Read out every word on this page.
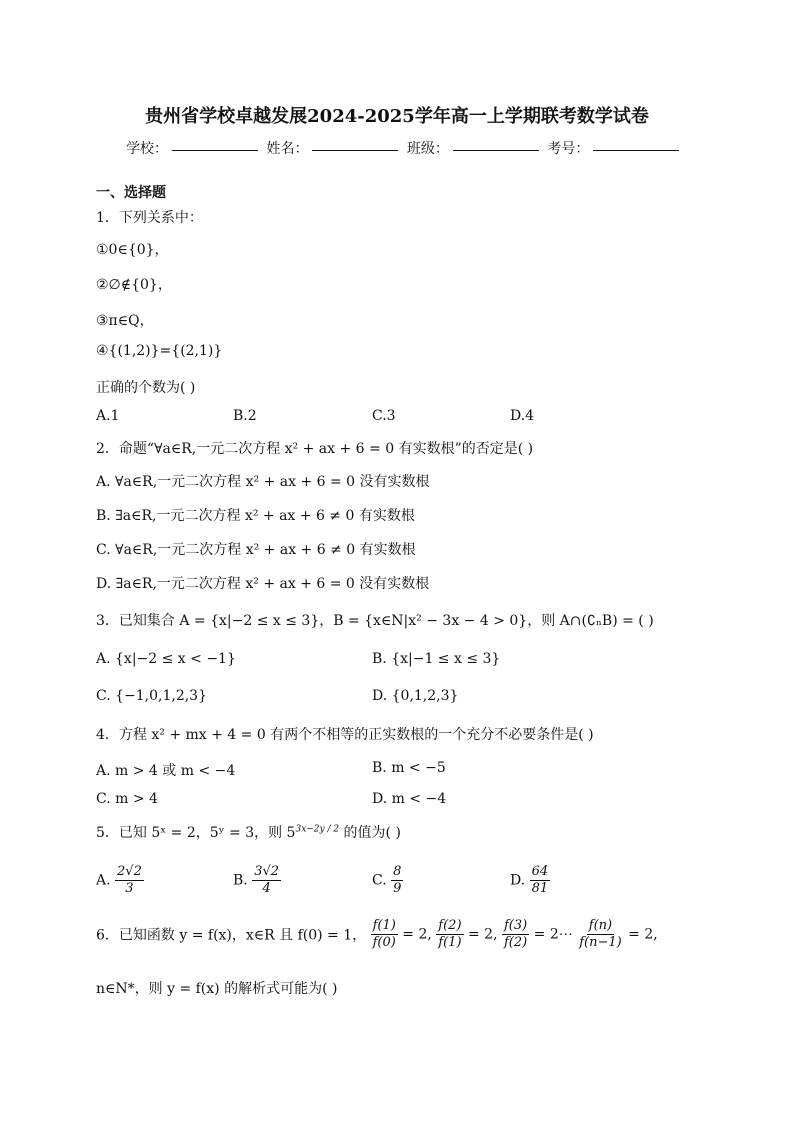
贵州省学校卓越发展2024-2025学年高一上学期联考数学试卷
学校：	姓名：	班级：	考号：
一、选择题
1．下列关系中：
①0∈{0}，
②∅∉{0}，
③π∈Q，
④{(1,2)}={(2,1)}
正确的个数为( )
A.1	B.2	C.3	D.4
2．命题“∀a∈R,一元二次方程 x² + ax + 6 = 0 有实数根”的否定是( )
A. ∀a∈R,一元二次方程 x² + ax + 6 = 0 没有实数根
B. ∃a∈R,一元二次方程 x² + ax + 6 ≠ 0 有实数根
C. ∀a∈R,一元二次方程 x² + ax + 6 ≠ 0 有实数根
D. ∃a∈R,一元二次方程 x² + ax + 6 = 0 没有实数根
3．已知集合 A = {x|−2 ≤ x ≤ 3}，B = {x∈N|x² − 3x − 4 > 0}，则 A∩(∁ₙB) = ( )
A. {x|−2 ≤ x < −1}	B. {x|−1 ≤ x ≤ 3}
C. {−1,0,1,2,3}	D. {0,1,2,3}
4．方程 x² + mx + 4 = 0 有两个不相等的正实数根的一个充分不必要条件是( )
A. m > 4 或 m < −4	B. m < −5
C. m > 4	D. m < −4
5．已知 5ˣ = 2，5ʸ = 3，则 $5^{3x-2y / 2}$ 的值为( )
A. $\frac{2√2}{3}$	B. $\frac{3√2}{4}$	C. $\frac{8}{9}$	D. $\frac{64}{81}$
6．已知函数 y = f(x)，x∈R 且 f(0) = 1， $\frac{f(1)}{f(0)} = 2$, $\frac{f(2)}{f(1)} = 2$, $\frac{f(3)}{f(2)}$ = 2⋯ $\frac{f(n)}{f(n-1)} = 2$,
n∈N*，则 y = f(x) 的解析式可能为( )
